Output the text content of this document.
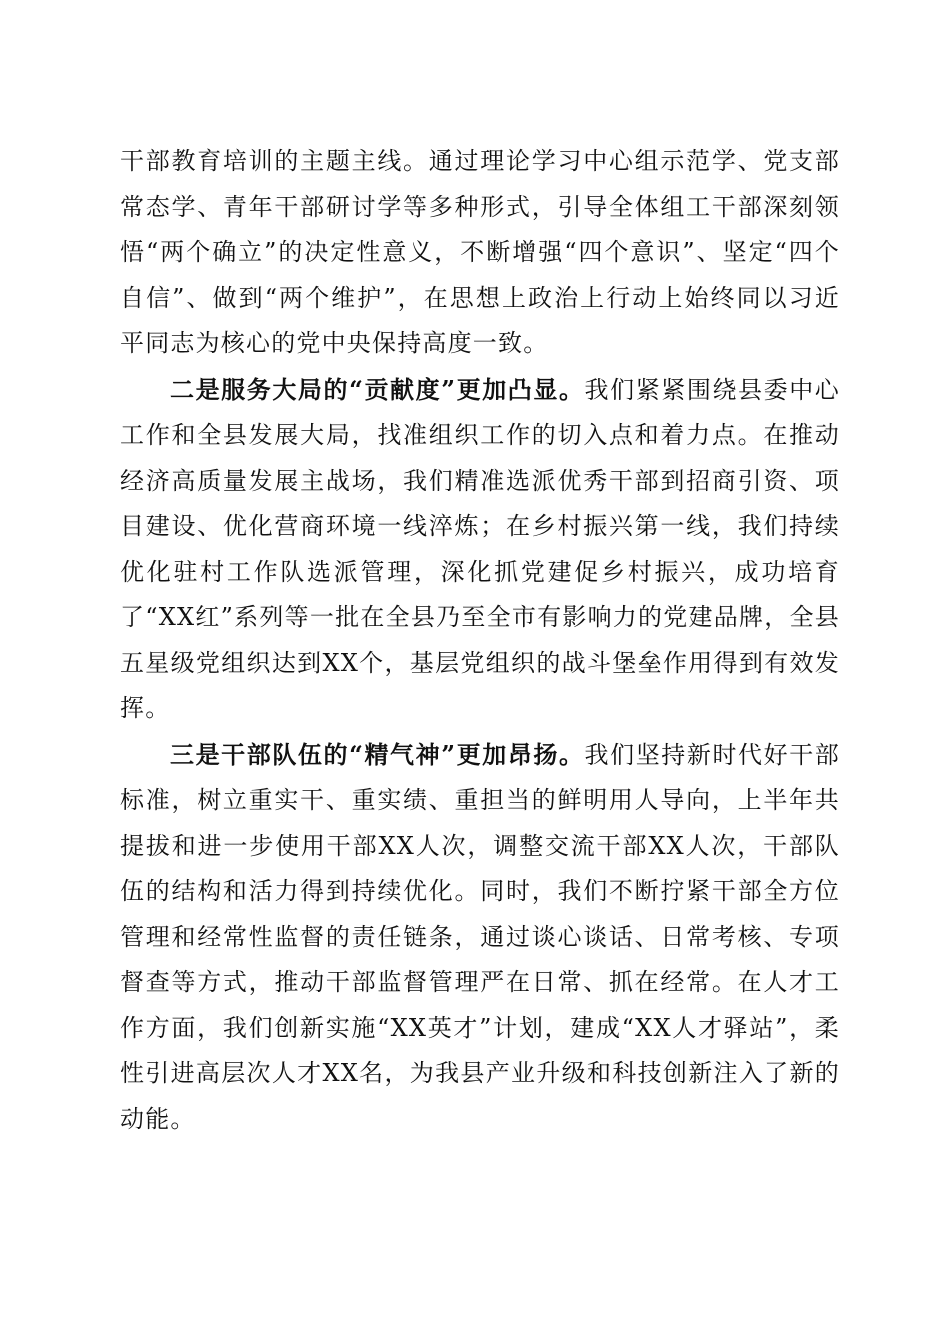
干部教育培训的主题主线。通过理论学习中心组示范学、党支部常态学、青年干部研讨学等多种形式，引导全体组工干部深刻领悟“两个确立”的决定性意义，不断增强“四个意识”、坚定“四个自信”、做到“两个维护”，在思想上政治上行动上始终同以习近平同志为核心的党中央保持高度一致。

二是服务大局的“贡献度”更加凸显。我们紧紧围绕县委中心工作和全县发展大局，找准组织工作的切入点和着力点。在推动经济高质量发展主战场，我们精准选派优秀干部到招商引资、项目建设、优化营商环境一线淬炼；在乡村振兴第一线，我们持续优化驻村工作队选派管理，深化抓党建促乡村振兴，成功培育了“XX红”系列等一批在全县乃至全市有影响力的党建品牌，全县五星级党组织达到XX个，基层党组织的战斗堡垒作用得到有效发挥。

三是干部队伍的“精气神”更加昂扬。我们坚持新时代好干部标准，树立重实干、重实绩、重担当的鲜明用人导向，上半年共提拔和进一步使用干部XX人次，调整交流干部XX人次，干部队伍的结构和活力得到持续优化。同时，我们不断拧紧干部全方位管理和经常性监督的责任链条，通过谈心谈话、日常考核、专项督查等方式，推动干部监督管理严在日常、抓在经常。在人才工作方面，我们创新实施“XX英才”计划，建成“XX人才驿站”，柔性引进高层次人才XX名，为我县产业升级和科技创新注入了新的动能。
